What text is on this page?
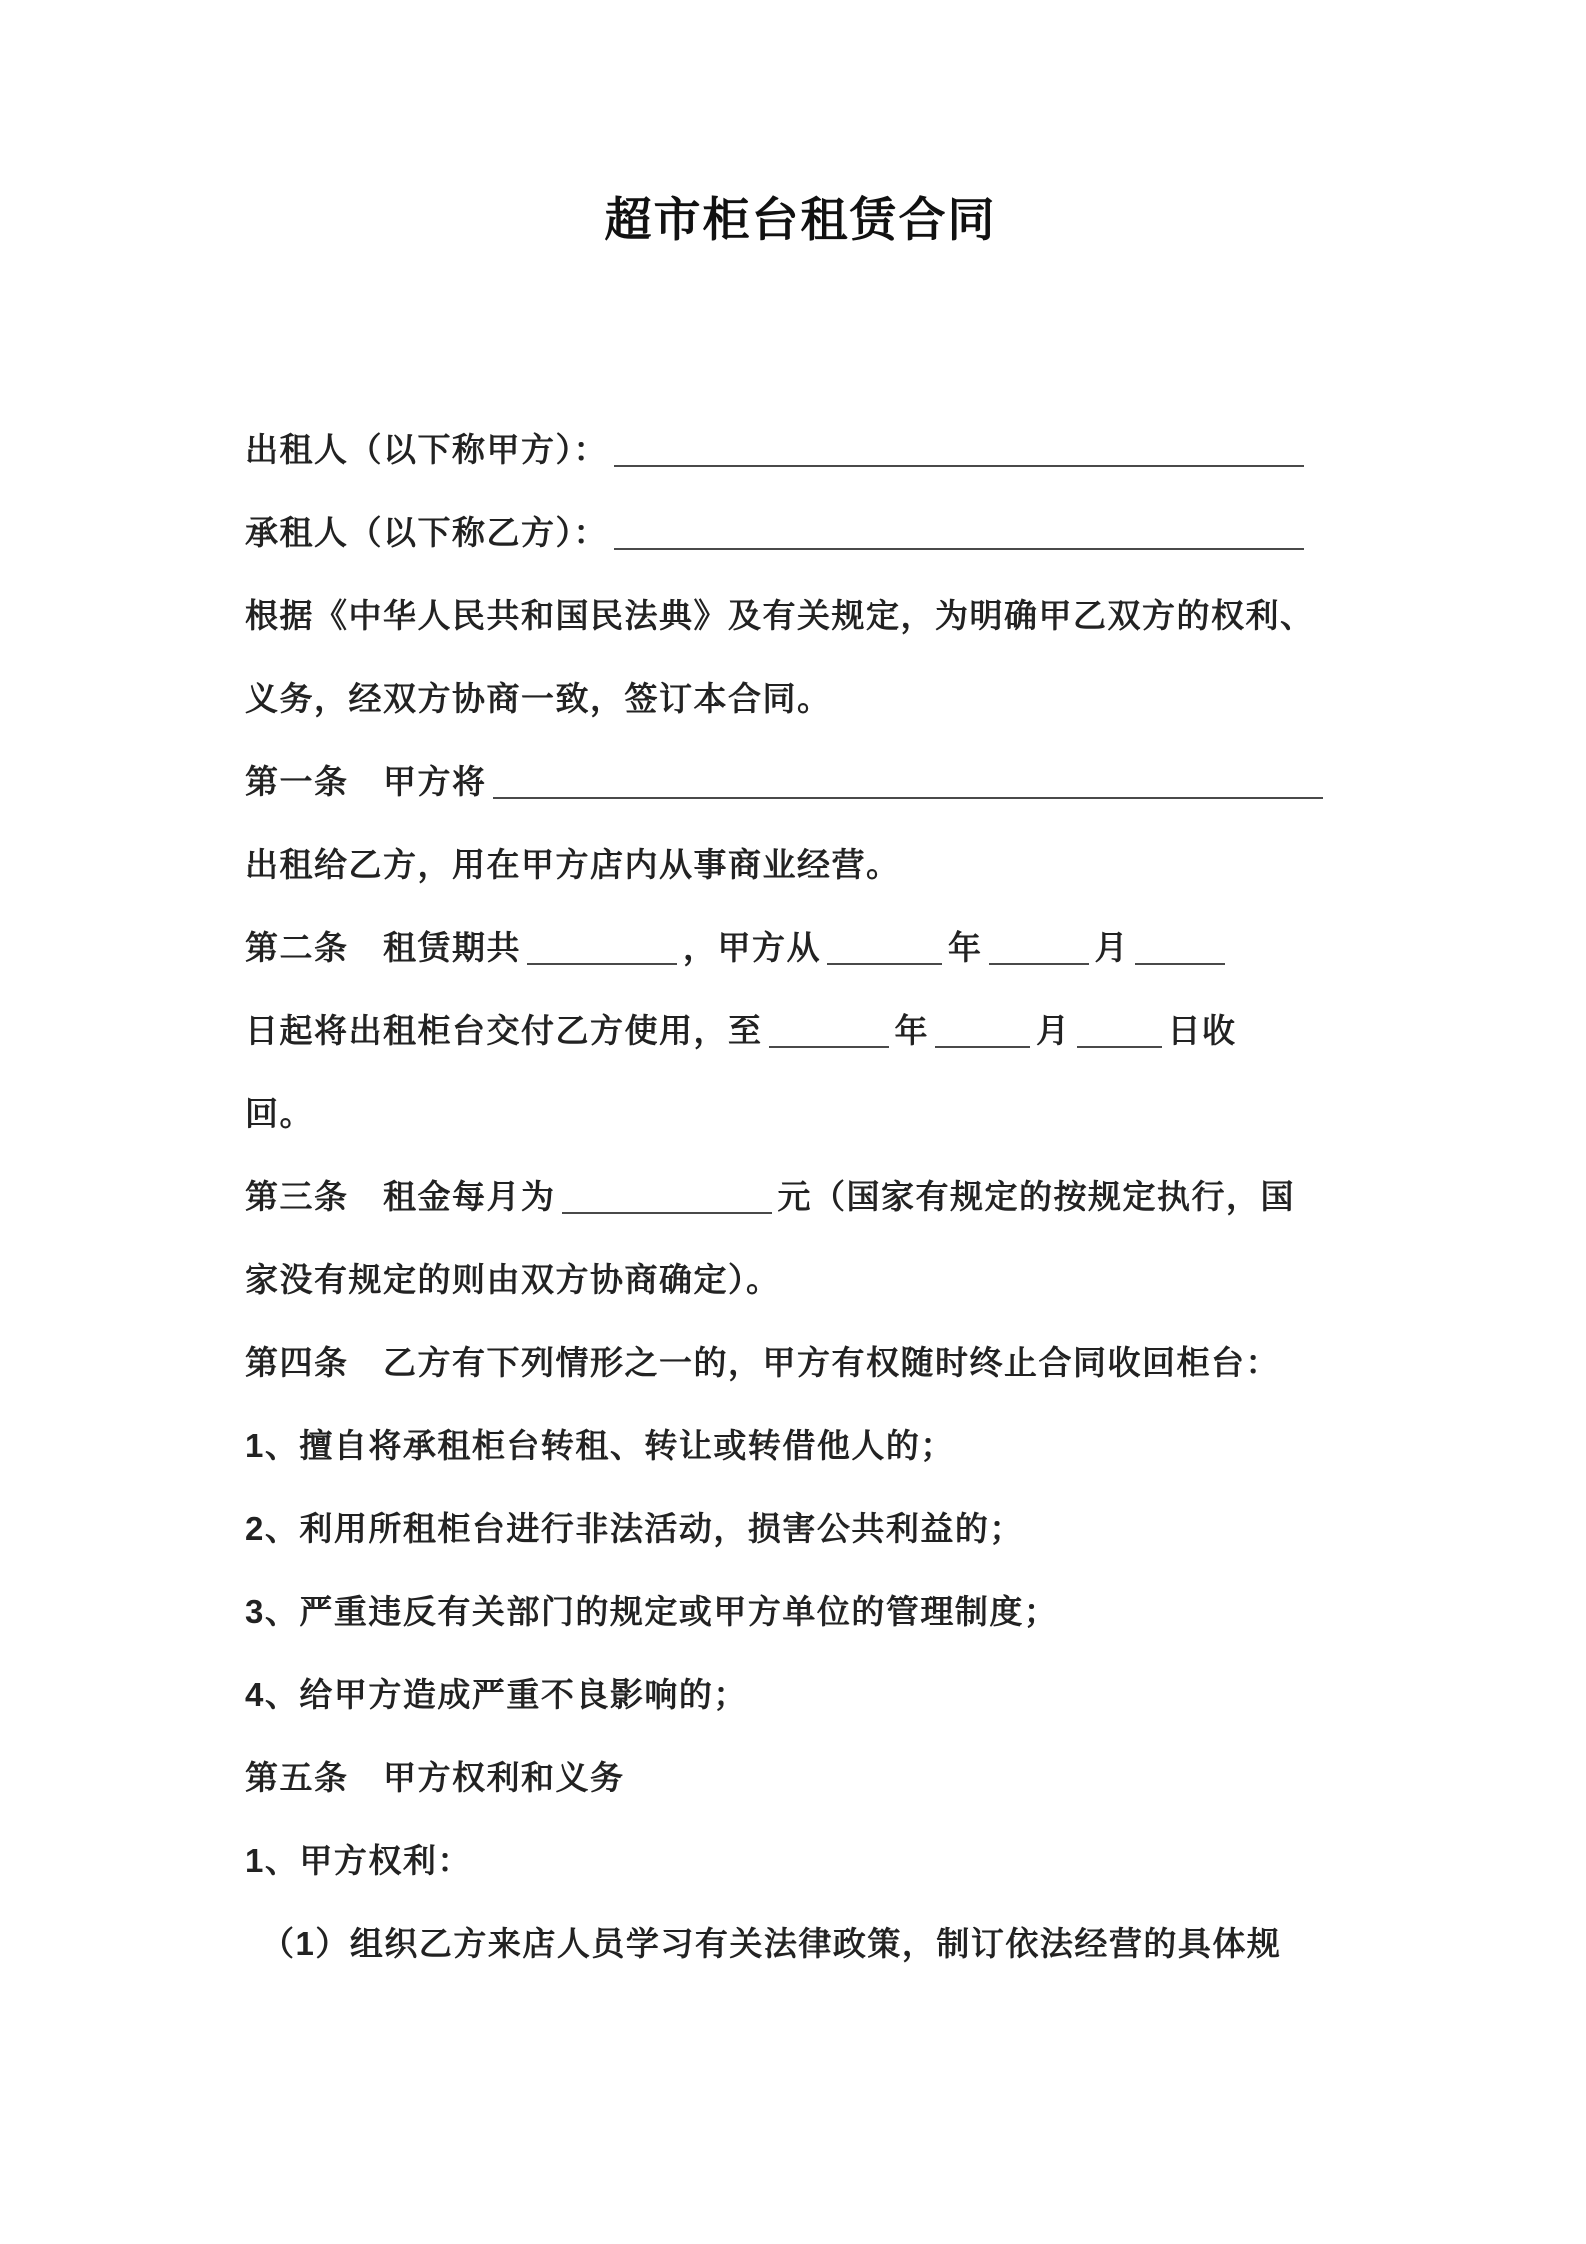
超市柜台租赁合同
出租人（以下称甲方）：
承租人（以下称乙方）：
根据《中华人民共和国民法典》及有关规定，为明确甲乙双方的权利、
义务，经双方协商一致，签订本合同。
第一条　甲方将
出租给乙方，用在甲方店内从事商业经营。
第二条　租赁期共	，甲方从	年	月
日起将出租柜台交付乙方使用，至	年	月	日收
回。
第三条　租金每月为	元（国家有规定的按规定执行，国
家没有规定的则由双方协商确定）。
第四条　乙方有下列情形之一的，甲方有权随时终止合同收回柜台：
1、擅自将承租柜台转租、转让或转借他人的；
2、利用所租柜台进行非法活动，损害公共利益的；
3、严重违反有关部门的规定或甲方单位的管理制度；
4、给甲方造成严重不良影响的；
第五条　甲方权利和义务
1、甲方权利：
（1）组织乙方来店人员学习有关法律政策，制订依法经营的具体规
